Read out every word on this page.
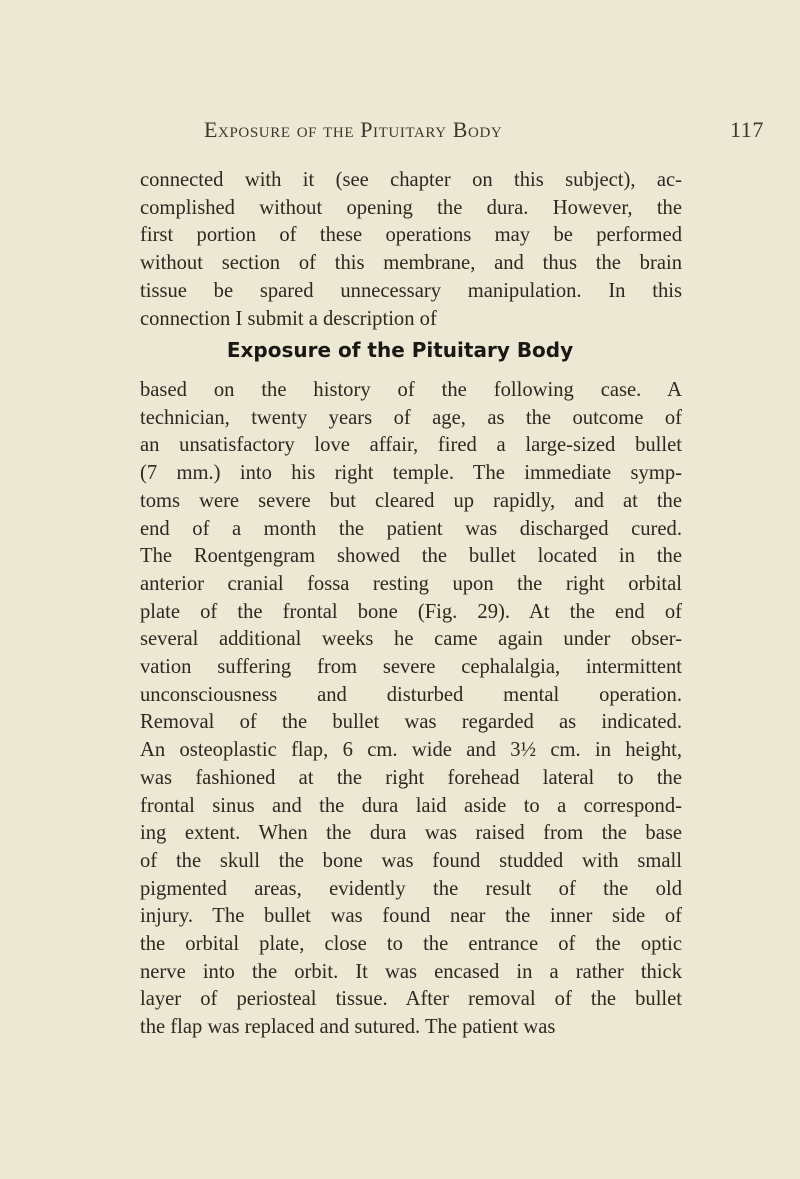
Exposure of the Pituitary Body	117
connected with it (see chapter on this subject), ac-
complished without opening the dura. However, the
first portion of these operations may be performed
without section of this membrane, and thus the brain
tissue be spared unnecessary manipulation. In this
connection I submit a description of
Exposure of the Pituitary Body
based on the history of the following case. A
technician, twenty years of age, as the outcome of
an unsatisfactory love affair, fired a large-sized bullet
(7 mm.) into his right temple. The immediate symp-
toms were severe but cleared up rapidly, and at the
end of a month the patient was discharged cured.
The Roentgengram showed the bullet located in the
anterior cranial fossa resting upon the right orbital
plate of the frontal bone (Fig. 29). At the end of
several additional weeks he came again under obser-
vation suffering from severe cephalalgia, intermittent
unconsciousness and disturbed mental operation.
Removal of the bullet was regarded as indicated.
An osteoplastic flap, 6 cm. wide and 3½ cm. in height,
was fashioned at the right forehead lateral to the
frontal sinus and the dura laid aside to a correspond-
ing extent. When the dura was raised from the base
of the skull the bone was found studded with small
pigmented areas, evidently the result of the old
injury. The bullet was found near the inner side of
the orbital plate, close to the entrance of the optic
nerve into the orbit. It was encased in a rather thick
layer of periosteal tissue. After removal of the bullet
the flap was replaced and sutured. The patient was
